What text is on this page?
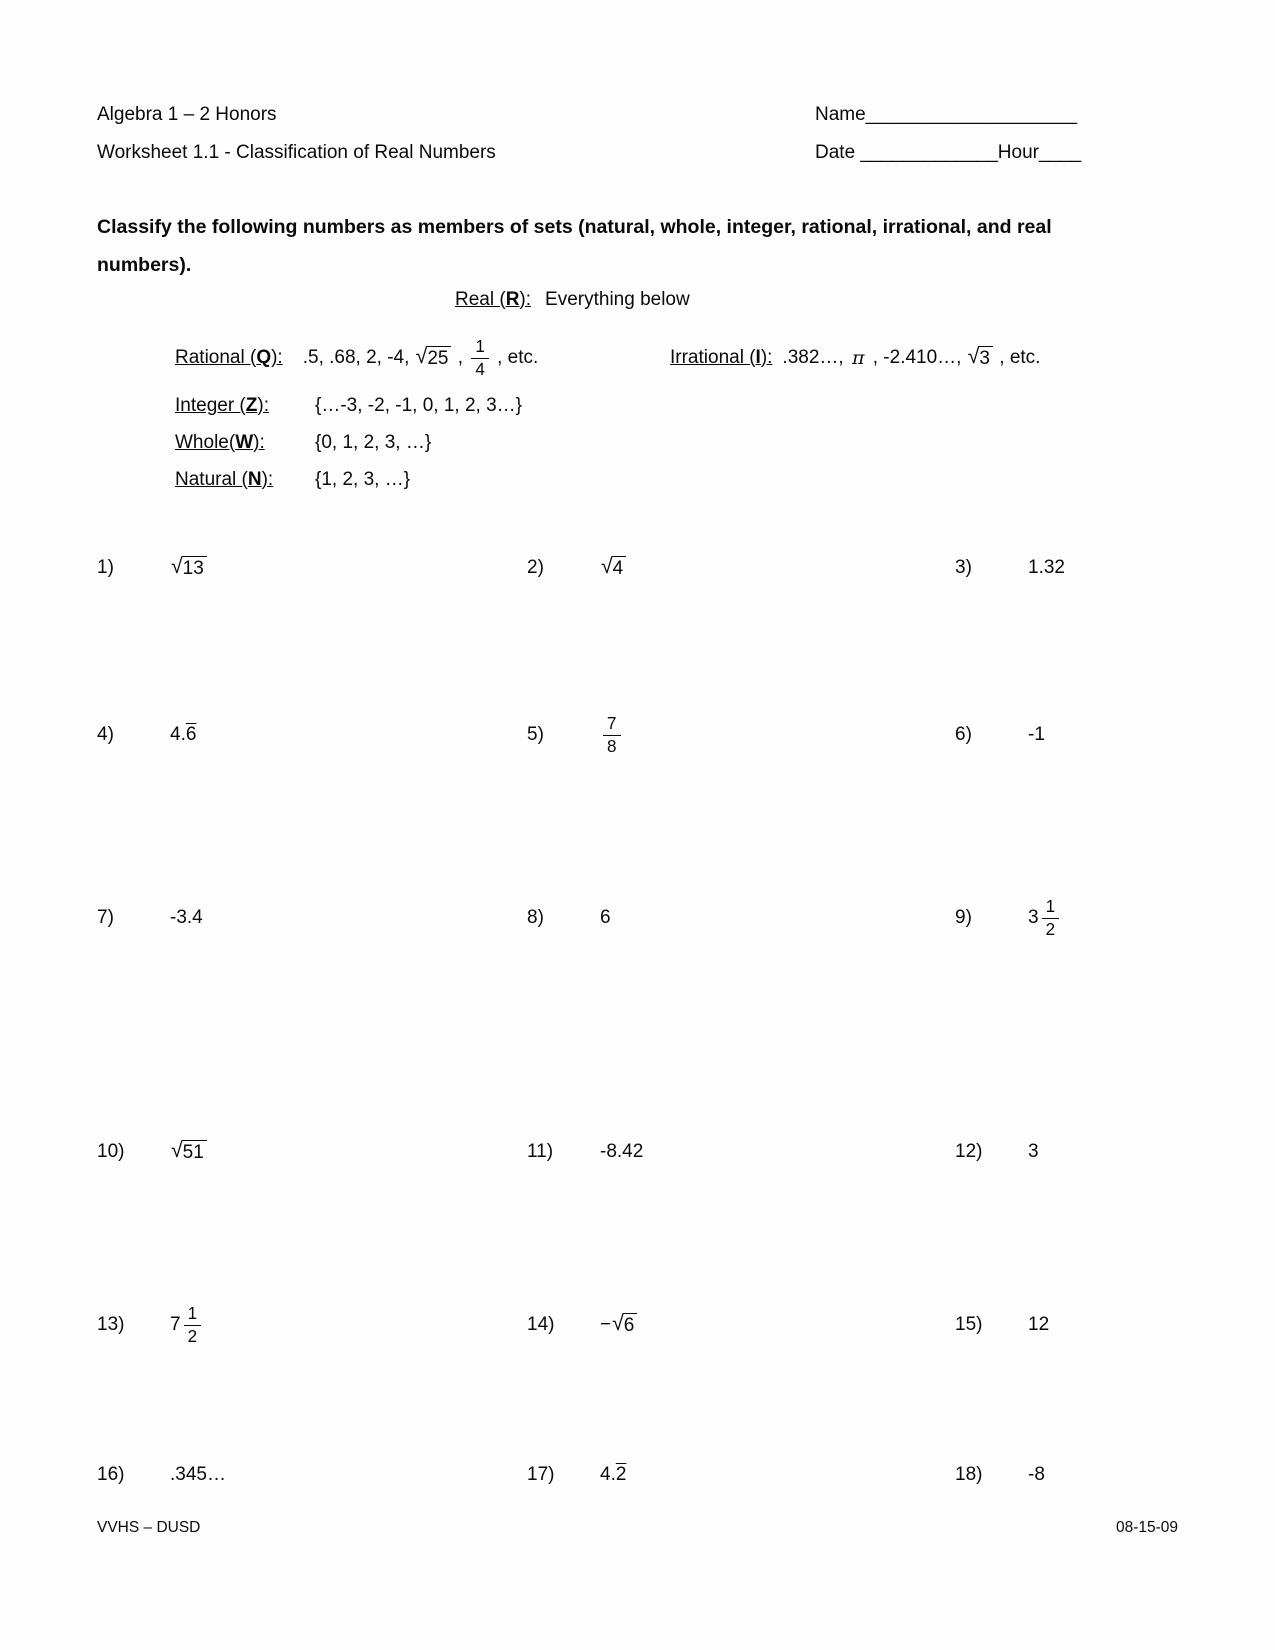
Algebra 1 – 2 Honors
Worksheet 1.1 - Classification of Real Numbers
Name____________________
Date _____________Hour____

Classify the following numbers as members of sets (natural, whole, integer, rational, irrational, and real numbers).

Real (R): Everything below
Rational (Q): .5, .68, 2, -4, √ 25 , $\frac{1}{4}$ , etc.	Irrational (I): .382…, π , -2.410…, √ 3 , etc.
Integer (Z):	{…-3, -2, -1, 0, 1, 2, 3…}
Whole(W):	{0, 1, 2, 3, …}
Natural (N):	{1, 2, 3, …}
1)	√ 13	2)	√ 4	3)	1.32
4)	4. 6	5)	$\frac{7}{8}$	6)	-1
7)	-3.4	8)	6	9)	$3 \frac{1}{2}$
10)	√ 51	11)	-8.42	12)	3
13)	$7 \frac{1}{2}$	14)	− √ 6	15)	12
16)	.345…	17)	4. 2	18)	-8
VVHS – DUSD	08-15-09
